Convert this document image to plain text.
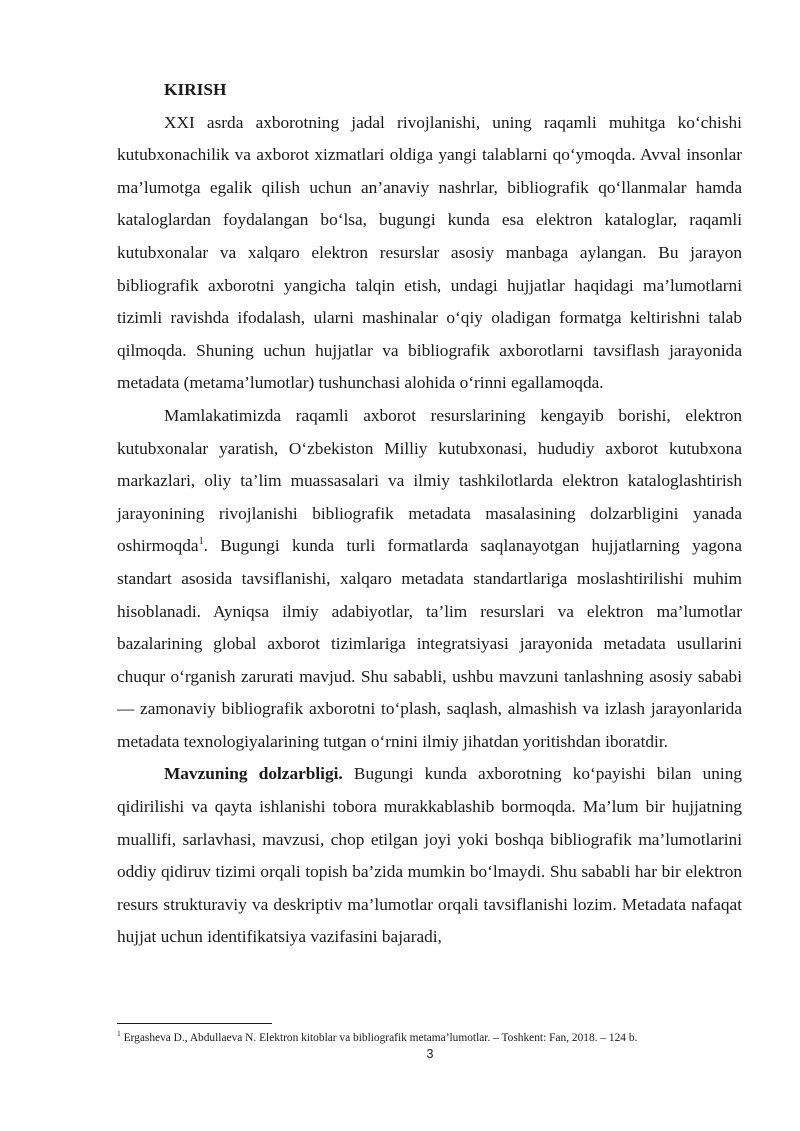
KIRISH

XXI asrda axborotning jadal rivojlanishi, uning raqamli muhitga ko‘chishi kutubxonachilik va axborot xizmatlari oldiga yangi talablarni qo‘ymoqda. Avval insonlar ma’lumotga egalik qilish uchun an’anaviy nashrlar, bibliografik qo‘llanmalar hamda kataloglardan foydalangan bo‘lsa, bugungi kunda esa elektron kataloglar, raqamli kutubxonalar va xalqaro elektron resurslar asosiy manbaga aylangan. Bu jarayon bibliografik axborotni yangicha talqin etish, undagi hujjatlar haqidagi ma’lumotlarni tizimli ravishda ifodalash, ularni mashinalar o‘qiy oladigan formatga keltirishni talab qilmoqda. Shuning uchun hujjatlar va bibliografik axborotlarni tavsiflash jarayonida metadata (metama’lumotlar) tushunchasi alohida o‘rinni egallamoqda.

Mamlakatimizda raqamli axborot resurslarining kengayib borishi, elektron kutubxonalar yaratish, O‘zbekiston Milliy kutubxonasi, hududiy axborot kutubxona markazlari, oliy ta’lim muassasalari va ilmiy tashkilotlarda elektron kataloglashtirish jarayonining rivojlanishi bibliografik metadata masalasining dolzarbligini yanada oshirmoqda$^1$. Bugungi kunda turli formatlarda saqlanayotgan hujjatlarning yagona standart asosida tavsiflanishi, xalqaro metadata standartlariga moslashtirilishi muhim hisoblanadi. Ayniqsa ilmiy adabiyotlar, ta’lim resurslari va elektron ma’lumotlar bazalarining global axborot tizimlariga integratsiyasi jarayonida metadata usullarini chuqur o‘rganish zarurati mavjud. Shu sababli, ushbu mavzuni tanlashning asosiy sababi — zamonaviy bibliografik axborotni to‘plash, saqlash, almashish va izlash jarayonlarida metadata texnologiyalarining tutgan o‘rnini ilmiy jihatdan yoritishdan iboratdir.

Mavzuning dolzarbligi. Bugungi kunda axborotning ko‘payishi bilan uning qidirilishi va qayta ishlanishi tobora murakkablashib bormoqda. Ma’lum bir hujjatning muallifi, sarlavhasi, mavzusi, chop etilgan joyi yoki boshqa bibliografik ma’lumotlarini oddiy qidiruv tizimi orqali topish ba’zida mumkin bo‘lmaydi. Shu sababli har bir elektron resurs strukturaviy va deskriptiv ma’lumotlar orqali tavsiflanishi lozim. Metadata nafaqat hujjat uchun identifikatsiya vazifasini bajaradi,

$^1$ Ergasheva D., Abdullaeva N. Elektron kitoblar va bibliografik metama’lumotlar. – Toshkent: Fan, 2018. – 124 b.
3
